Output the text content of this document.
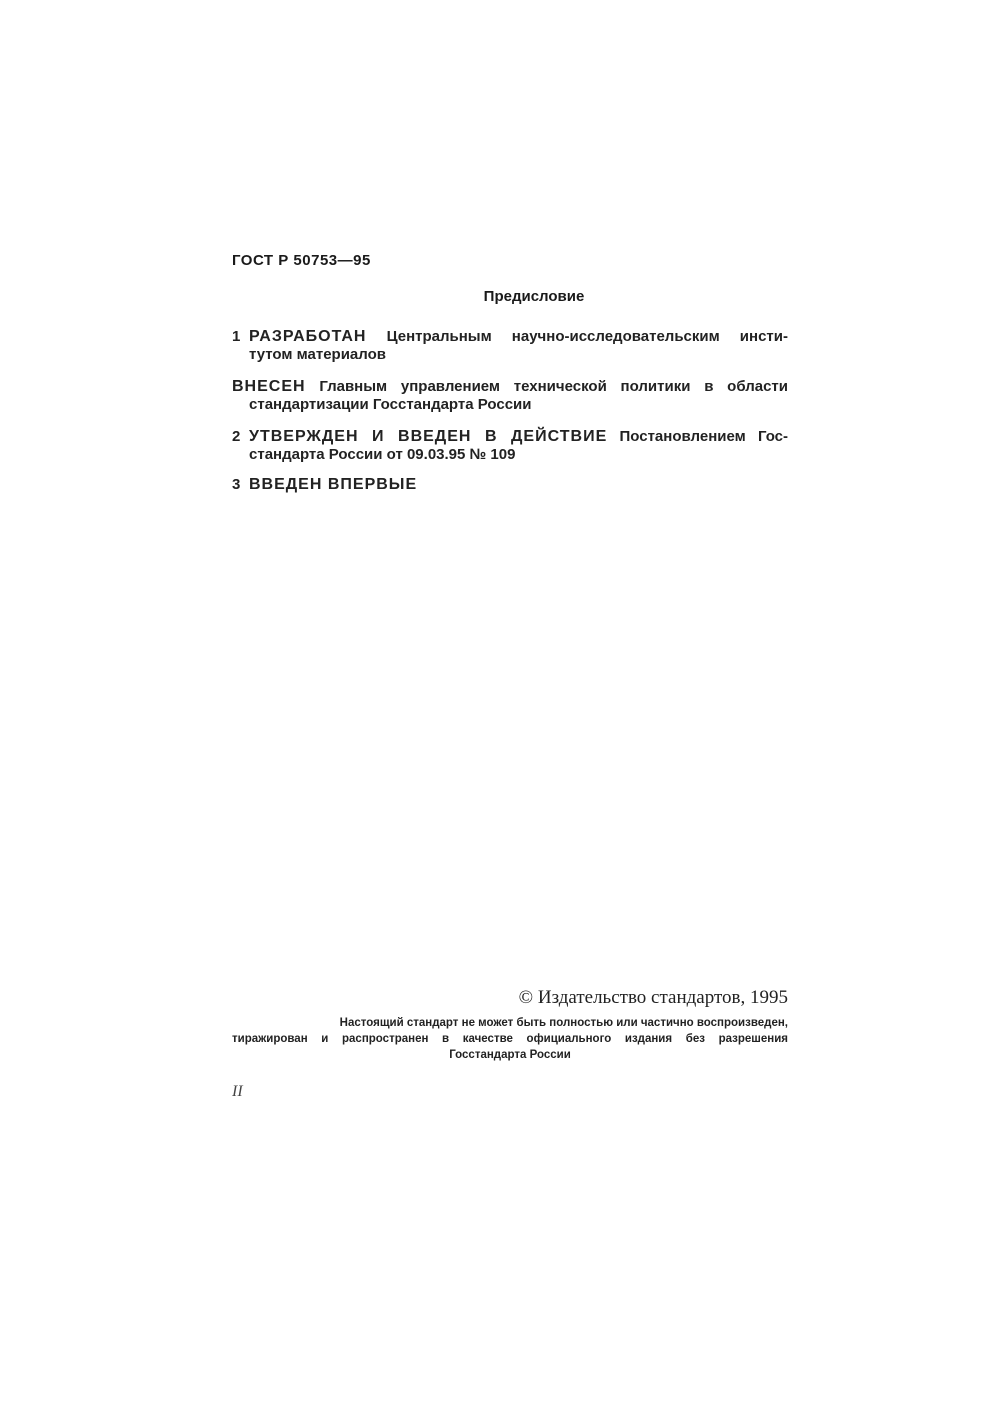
ГОСТ Р 50753—95
Предисловие
1 РАЗРАБОТАН Центральным научно-исследовательским инсти-
тутом материалов
ВНЕСЕН Главным управлением технической политики в области
стандартизации Госстандарта России
2 УТВЕРЖДЕН И ВВЕДЕН В ДЕЙСТВИЕ Постановлением Гос-
стандарта России от 09.03.95 № 109
3 ВВЕДЕН ВПЕРВЫЕ
© Издательство стандартов, 1995
Настоящий стандарт не может быть полностью или частично воспроизведен,
тиражирован и распространен в качестве официального издания без разрешения
Госстандарта России
II
